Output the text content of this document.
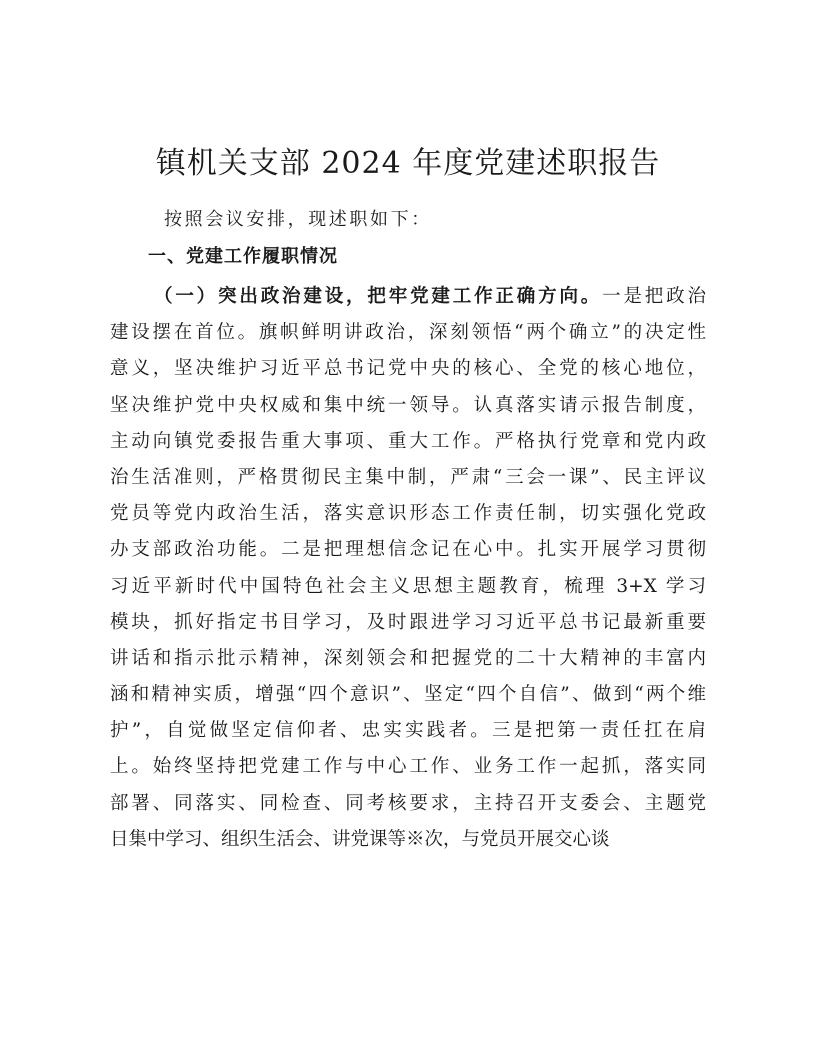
镇机关支部 2024 年度党建述职报告

按照会议安排，现述职如下：

一、党建工作履职情况

（一）突出政治建设，把牢党建工作正确方向。一是把政治

建设摆在首位。旗帜鲜明讲政治，深刻领悟“两个确立”的决定性

意义，坚决维护习近平总书记党中央的核心、全党的核心地位，

坚决维护党中央权威和集中统一领导。认真落实请示报告制度，

主动向镇党委报告重大事项、重大工作。严格执行党章和党内政

治生活准则，严格贯彻民主集中制，严肃“三会一课”、民主评议

党员等党内政治生活，落实意识形态工作责任制，切实强化党政

办支部政治功能。二是把理想信念记在心中。扎实开展学习贯彻

习近平新时代中国特色社会主义思想主题教育，梳理 3+X 学习

模块，抓好指定书目学习，及时跟进学习习近平总书记最新重要

讲话和指示批示精神，深刻领会和把握党的二十大精神的丰富内

涵和精神实质，增强“四个意识”、坚定“四个自信”、做到“两个维

护”，自觉做坚定信仰者、忠实实践者。三是把第一责任扛在肩

上。始终坚持把党建工作与中心工作、业务工作一起抓，落实同

部署、同落实、同检查、同考核要求，主持召开支委会、主题党

日集中学习、组织生活会、讲党课等※次，与党员开展交心谈
